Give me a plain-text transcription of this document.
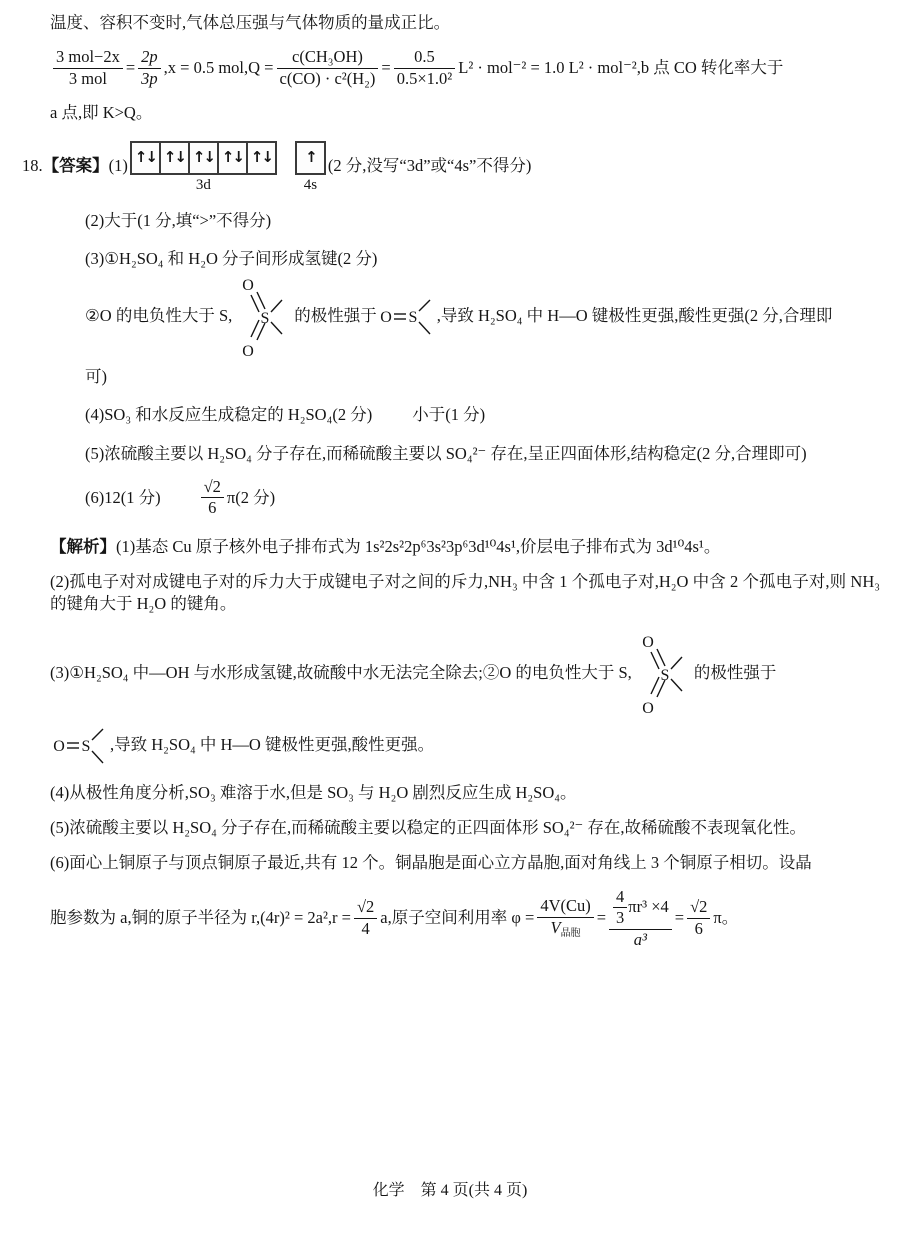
温度、容积不变时,气体总压强与气体物质的量成正比。

$\frac{\text{3 mol−2x}}{\text{3 mol}} = \frac{2p}{3p} ,x = 0.5$ $mol,Q = \frac{\text{c(CH₃OH)}}{\text{c(CO) · c²(H₂)}} = \frac{0.5}{\text{0.5×1.0²}} L^2 \cdot mol^{-2} = 1.0$ L² · mol⁻²,b 点 CO 转化率大于

a 点,即 K>Q。

18. 【答案】 (1) ↑↓ ↑↓ ↑↓ ↑↓ ↑↓
3d
↑
4s
(2 分,没写“3d”或“4s”不得分)

(2)大于(1 分,填“>”不得分)

(3)①H₂SO₄ 和 H₂O 分子间形成氢键(2 分)

②O 的电负性大于 S,
O
S
O
的极性强于 O S ,导致 H₂SO₄ 中 H—O 键极性更强,酸性更强(2 分,合理即

可)

(4)SO₃ 和水反应生成稳定的 H₂SO₄(2 分) 小于(1 分)

(5)浓硫酸主要以 H₂SO₄ 分子存在,而稀硫酸主要以 SO₄²⁻ 存在,呈正四面体形,结构稳定(2 分,合理即可)

(6)12(1 分) $\frac{√2}{6} \pi(2$ 分)

【解析】(1)基态 Cu 原子核外电子排布式为 1s²2s²2p⁶3s²3p⁶3d¹⁰4s¹,价层电子排布式为 3d¹⁰4s¹。

(2)孤电子对对成键电子对的斥力大于成键电子对之间的斥力,NH₃ 中含 1 个孤电子对,H₂O 中含 2 个孤电子对,则 NH₃ 的键角大于 H₂O 的键角。

(3)①H₂SO₄ 中—OH 与水形成氢键,故硫酸中水无法完全除去;②O 的电负性大于 S,
O
S
O
的极性强于
O S ,导致 H₂SO₄ 中 H—O 键极性更强,酸性更强。

(4)从极性角度分析,SO₃ 难溶于水,但是 SO₃ 与 H₂O 剧烈反应生成 H₂SO₄。

(5)浓硫酸主要以 H₂SO₄ 分子存在,而稀硫酸主要以稳定的正四面体形 SO₄²⁻ 存在,故稀硫酸不表现氧化性。

(6)面心上铜原子与顶点铜原子最近,共有 12 个。铜晶胞是面心立方晶胞,面对角线上 3 个铜原子相切。设晶

胞参数为 a,铜的原子半径为 $r,(4r)^2 = 2a^2,r = \frac{√2}{4} a$,原子空间利用率 $\varphi = \frac{4V(Cu)}{\text{V晶胞}} = \frac{\frac{4}{3} \pi r^3 \times 4}{\text{a³}} = \frac{√2}{6}$ π。
化学　第 4 页(共 4 页)
